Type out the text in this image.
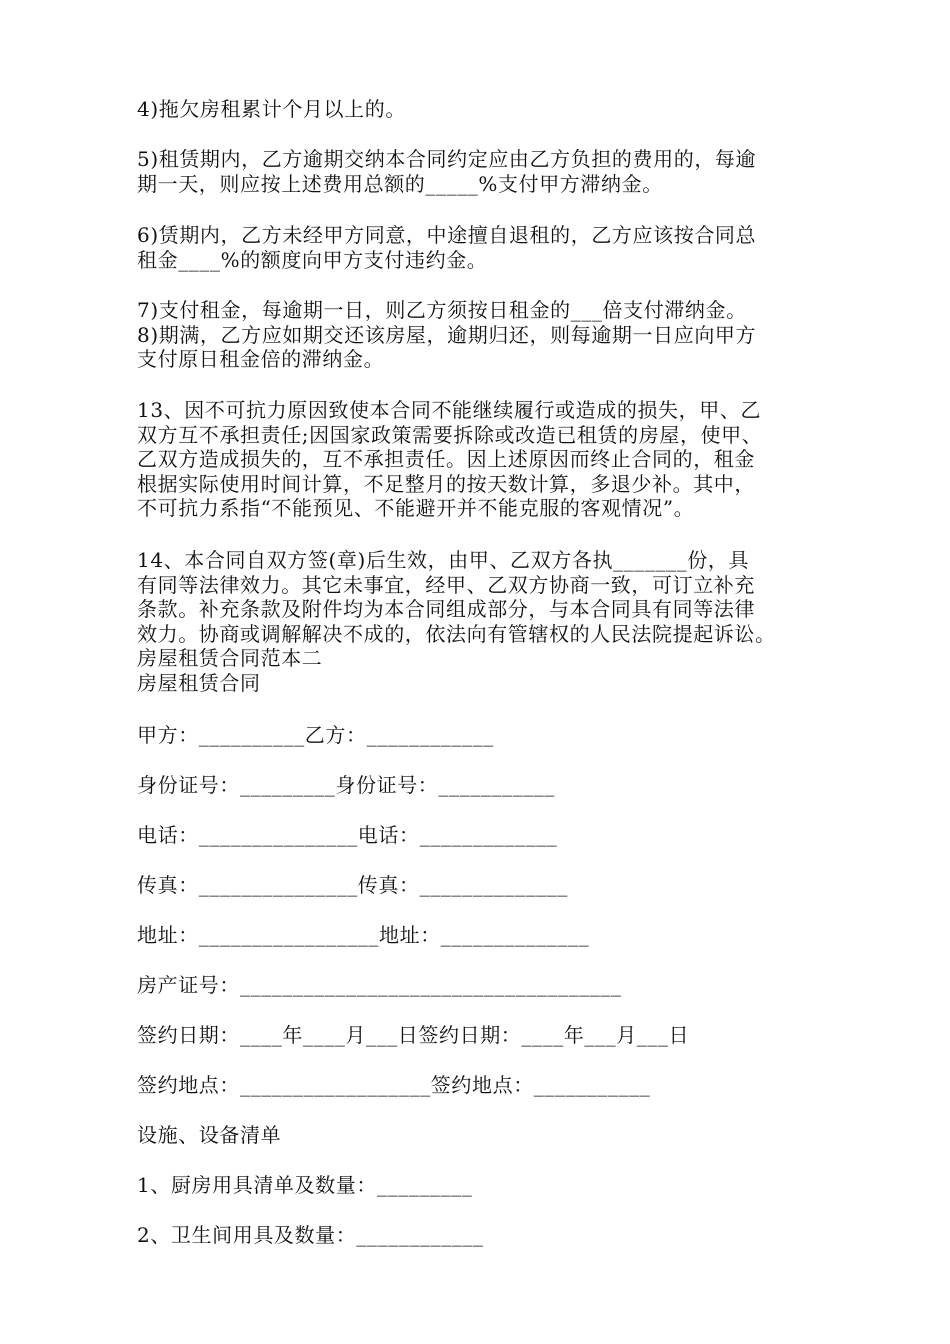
4)拖欠房租累计个月以上的。
5)租赁期内，乙方逾期交纳本合同约定应由乙方负担的费用的，每逾
期一天，则应按上述费用总额的_____%支付甲方滞纳金。
6)赁期内，乙方未经甲方同意，中途擅自退租的，乙方应该按合同总
租金____%的额度向甲方支付违约金。
7)支付租金，每逾期一日，则乙方须按日租金的___倍支付滞纳金。
8)期满，乙方应如期交还该房屋，逾期归还，则每逾期一日应向甲方
支付原日租金倍的滞纳金。
13、因不可抗力原因致使本合同不能继续履行或造成的损失，甲、乙
双方互不承担责任;因国家政策需要拆除或改造已租赁的房屋，使甲、
乙双方造成损失的，互不承担责任。因上述原因而终止合同的，租金
根据实际使用时间计算，不足整月的按天数计算，多退少补。其中，
不可抗力系指“不能预见、不能避开并不能克服的客观情况”。
14、本合同自双方签(章)后生效，由甲、乙双方各执_______份，具
有同等法律效力。其它未事宜，经甲、乙双方协商一致，可订立补充
条款。补充条款及附件均为本合同组成部分，与本合同具有同等法律
效力。协商或调解解决不成的，依法向有管辖权的人民法院提起诉讼。
房屋租赁合同范本二
房屋租赁合同
甲方：__________乙方：____________
身份证号：_________身份证号：___________
电话：_______________电话：_____________
传真：_______________传真：______________
地址：_________________地址：______________
房产证号：____________________________________
签约日期：____年____月___日签约日期：____年___月___日
签约地点：__________________签约地点：___________
设施、设备清单
1、厨房用具清单及数量：_________
2、卫生间用具及数量：____________
